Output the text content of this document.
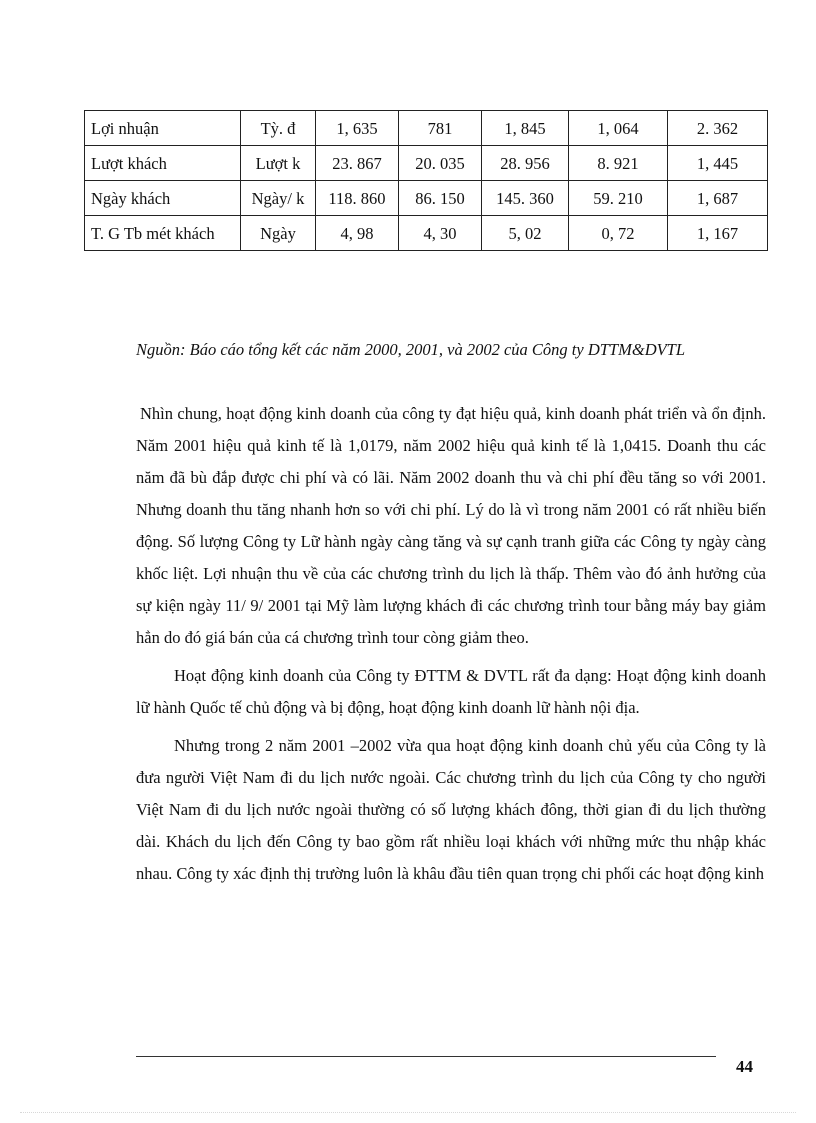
Lợi nhuận	Tỳ. đ	1, 635	781	1, 845	1, 064	2. 362
Lượt khách	Lượt k	23. 867	20. 035	28. 956	8. 921	1, 445
Ngày khách	Ngày/ k	118. 860	86. 150	145. 360	59. 210	1, 687
T. G Tb mét khách	Ngày	4, 98	4, 30	5, 02	0, 72	1, 167
Nguồn: Báo cáo tổng kết các năm 2000, 2001, và 2002 của Công ty DTTM&DVTL

Nhìn chung, hoạt động kinh doanh của công ty đạt hiệu quả, kinh doanh phát triển và ổn định. Năm 2001 hiệu quả kinh tế là 1,0179, năm 2002 hiệu quả kinh tế là 1,0415. Doanh thu các năm đã bù đắp được chi phí và có lãi. Năm 2002 doanh thu và chi phí đều tăng so với 2001. Nhưng doanh thu tăng nhanh hơn so với chi phí. Lý do là vì trong năm 2001 có rất nhiều biến động. Số lượng Công ty Lữ hành ngày càng tăng và sự cạnh tranh giữa các Công ty ngày càng khốc liệt. Lợi nhuận thu về của các chương trình du lịch là thấp. Thêm vào đó ảnh hưởng của sự kiện ngày 11/ 9/ 2001 tại Mỹ làm lượng khách đi các chương trình tour bằng máy bay giảm hẳn do đó giá bán của cá chương trình tour còng giảm theo.

Hoạt động kinh doanh của Công ty ĐTTM & DVTL rất đa dạng: Hoạt động kinh doanh lữ hành Quốc tế chủ động và bị động, hoạt động kinh doanh lữ hành nội địa.

Nhưng trong 2 năm 2001 –2002 vừa qua hoạt động kinh doanh chủ yếu của Công ty là đưa người Việt Nam đi du lịch nước ngoài. Các chương trình du lịch của Công ty cho người Việt Nam đi du lịch nước ngoài thường có số lượng khách đông, thời gian đi du lịch thường dài. Khách du lịch đến Công ty bao gồm rất nhiều loại khách với những mức thu nhập khác nhau. Công ty xác định thị trường luôn là khâu đầu tiên quan trọng chi phối các hoạt động kinh

44
